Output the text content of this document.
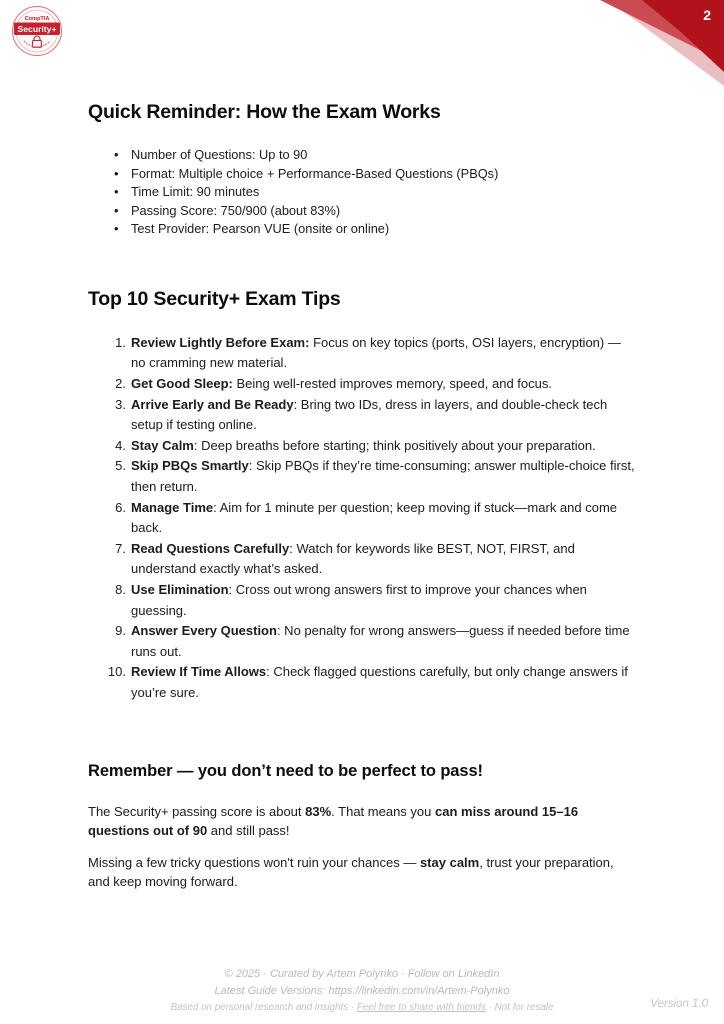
CompTIA
Security+
2
Quick Reminder: How the Exam Works
• Number of Questions: Up to 90
• Format: Multiple choice + Performance-Based Questions (PBQs)
• Time Limit: 90 minutes
• Passing Score: 750/900 (about 83%)
• Test Provider: Pearson VUE (onsite or online)
Top 10 Security+ Exam Tips
1. Review Lightly Before Exam: Focus on key topics (ports, OSI layers, encryption) — no cramming new material.
2. Get Good Sleep: Being well-rested improves memory, speed, and focus.
3. Arrive Early and Be Ready: Bring two IDs, dress in layers, and double-check tech setup if testing online.
4. Stay Calm: Deep breaths before starting; think positively about your preparation.
5. Skip PBQs Smartly: Skip PBQs if they’re time-consuming; answer multiple-choice first, then return.
6. Manage Time: Aim for 1 minute per question; keep moving if stuck—mark and come back.
7. Read Questions Carefully: Watch for keywords like BEST, NOT, FIRST, and understand exactly what’s asked.
8. Use Elimination: Cross out wrong answers first to improve your chances when guessing.
9. Answer Every Question: No penalty for wrong answers—guess if needed before time runs out.
10. Review If Time Allows: Check flagged questions carefully, but only change answers if you’re sure.
Remember — you don’t need to be perfect to pass!

The Security+ passing score is about 83%. That means you can miss around 15–16 questions out of 90 and still pass!

Missing a few tricky questions won't ruin your chances — stay calm, trust your preparation, and keep moving forward.

© 2025 · Curated by Artem Polynko · Follow on LinkedIn
Latest Guide Versions: https://linkedin.com/in/Artem-Polynko
Based on personal research and insights · Feel free to share with friends · Not for resale	Version 1.0
